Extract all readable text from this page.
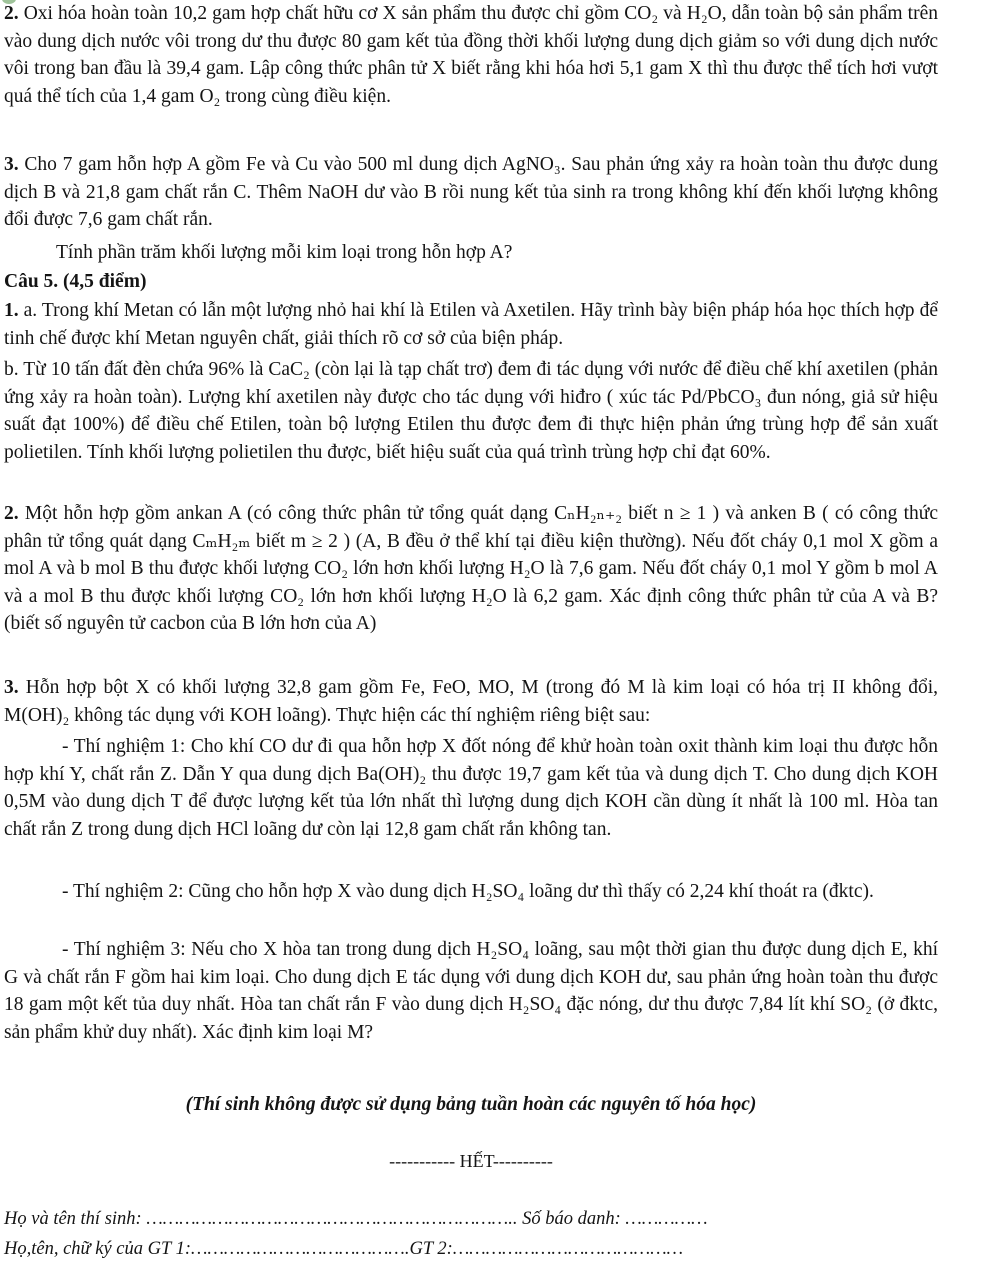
2. Oxi hóa hoàn toàn 10,2 gam hợp chất hữu cơ X sản phẩm thu được chỉ gồm CO₂ và H₂O, dẫn toàn bộ sản phẩm trên vào dung dịch nước vôi trong dư thu được 80 gam kết tủa đồng thời khối lượng dung dịch giảm so với dung dịch nước vôi trong ban đầu là 39,4 gam. Lập công thức phân tử X biết rằng khi hóa hơi 5,1 gam X thì thu được thể tích hơi vượt quá thể tích của 1,4 gam O₂ trong cùng điều kiện.

3. Cho 7 gam hỗn hợp A gồm Fe và Cu vào 500 ml dung dịch AgNO₃. Sau phản ứng xảy ra hoàn toàn thu được dung dịch B và 21,8 gam chất rắn C. Thêm NaOH dư vào B rồi nung kết tủa sinh ra trong không khí đến khối lượng không đổi được 7,6 gam chất rắn.

Tính phần trăm khối lượng mỗi kim loại trong hỗn hợp A?

Câu 5. (4,5 điểm)

1. a. Trong khí Metan có lẫn một lượng nhỏ hai khí là Etilen và Axetilen. Hãy trình bày biện pháp hóa học thích hợp để tinh chế được khí Metan nguyên chất, giải thích rõ cơ sở của biện pháp.

b. Từ 10 tấn đất đèn chứa 96% là CaC₂ (còn lại là tạp chất trơ) đem đi tác dụng với nước để điều chế khí axetilen (phản ứng xảy ra hoàn toàn). Lượng khí axetilen này được cho tác dụng với hiđro ( xúc tác Pd/PbCO₃ đun nóng, giả sử hiệu suất đạt 100%) để điều chế Etilen, toàn bộ lượng Etilen thu được đem đi thực hiện phản ứng trùng hợp để sản xuất polietilen. Tính khối lượng polietilen thu được, biết hiệu suất của quá trình trùng hợp chỉ đạt 60%.

2. Một hỗn hợp gồm ankan A (có công thức phân tử tổng quát dạng CₙH₂ₙ₊₂ biết n ≥ 1 ) và anken B ( có công thức phân tử tổng quát dạng CₘH₂ₘ biết m ≥ 2 ) (A, B đều ở thể khí tại điều kiện thường). Nếu đốt cháy 0,1 mol X gồm a mol A và b mol B thu được khối lượng CO₂ lớn hơn khối lượng H₂O là 7,6 gam. Nếu đốt cháy 0,1 mol Y gồm b mol A và a mol B thu được khối lượng CO₂ lớn hơn khối lượng H₂O là 6,2 gam. Xác định công thức phân tử của A và B? (biết số nguyên tử cacbon của B lớn hơn của A)

3. Hỗn hợp bột X có khối lượng 32,8 gam gồm Fe, FeO, MO, M (trong đó M là kim loại có hóa trị II không đổi, M(OH)₂ không tác dụng với KOH loãng). Thực hiện các thí nghiệm riêng biệt sau:

- Thí nghiệm 1: Cho khí CO dư đi qua hỗn hợp X đốt nóng để khử hoàn toàn oxit thành kim loại thu được hỗn hợp khí Y, chất rắn Z. Dẫn Y qua dung dịch Ba(OH)₂ thu được 19,7 gam kết tủa và dung dịch T. Cho dung dịch KOH 0,5M vào dung dịch T để được lượng kết tủa lớn nhất thì lượng dung dịch KOH cần dùng ít nhất là 100 ml. Hòa tan chất rắn Z trong dung dịch HCl loãng dư còn lại 12,8 gam chất rắn không tan.

- Thí nghiệm 2: Cũng cho hỗn hợp X vào dung dịch H₂SO₄ loãng dư thì thấy có 2,24 khí thoát ra (đktc).

- Thí nghiệm 3: Nếu cho X hòa tan trong dung dịch H₂SO₄ loãng, sau một thời gian thu được dung dịch E, khí G và chất rắn F gồm hai kim loại. Cho dung dịch E tác dụng với dung dịch KOH dư, sau phản ứng hoàn toàn thu được 18 gam một kết tủa duy nhất. Hòa tan chất rắn F vào dung dịch H₂SO₄ đặc nóng, dư thu được 7,84 lít khí SO₂ (ở đktc, sản phẩm khử duy nhất). Xác định kim loại M?

(Thí sinh không được sử dụng bảng tuần hoàn các nguyên tố hóa học)

----------- HẾT----------

Họ và tên thí sinh: ………………………………………………………….. Số báo danh: ……………

Họ,tên, chữ ký của GT 1:………………………………….GT 2:……………………………………
